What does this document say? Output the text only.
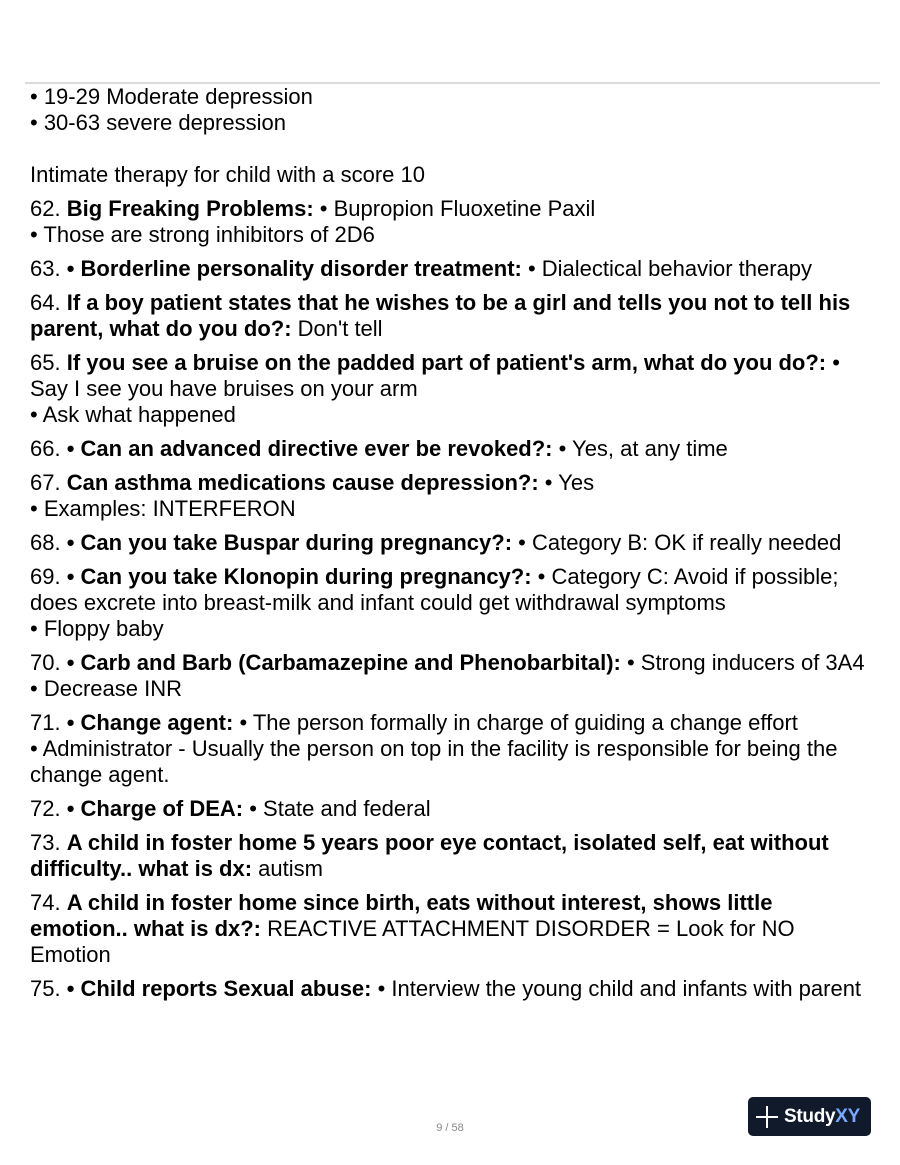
• 19-29 Moderate depression

• 30-63 severe depression

Intimate therapy for child with a score 10

62. Big Freaking Problems: • Bupropion Fluoxetine Paxil

• Those are strong inhibitors of 2D6

63. • Borderline personality disorder treatment: • Dialectical behavior therapy

64. If a boy patient states that he wishes to be a girl and tells you not to tell his parent, what do you do?: Don't tell

65. If you see a bruise on the padded part of patient's arm, what do you do?: • Say I see you have bruises on your arm

• Ask what happened

66. • Can an advanced directive ever be revoked?: • Yes, at any time

67. Can asthma medications cause depression?: • Yes

• Examples: INTERFERON

68. • Can you take Buspar during pregnancy?: • Category B: OK if really needed

69. • Can you take Klonopin during pregnancy?: • Category C: Avoid if possible; does excrete into breast-milk and infant could get withdrawal symptoms

• Floppy baby

70. • Carb and Barb (Carbamazepine and Phenobarbital): • Strong inducers of 3A4

• Decrease INR

71. • Change agent: • The person formally in charge of guiding a change effort

• Administrator - Usually the person on top in the facility is responsible for being the change agent.

72. • Charge of DEA: • State and federal

73. A child in foster home 5 years poor eye contact, isolated self, eat without difficulty.. what is dx: autism

74. A child in foster home since birth, eats without interest, shows little emotion.. what is dx?: REACTIVE ATTACHMENT DISORDER = Look for NO Emotion

75. • Child reports Sexual abuse: • Interview the young child and infants with parent

9 / 58
StudyXY
